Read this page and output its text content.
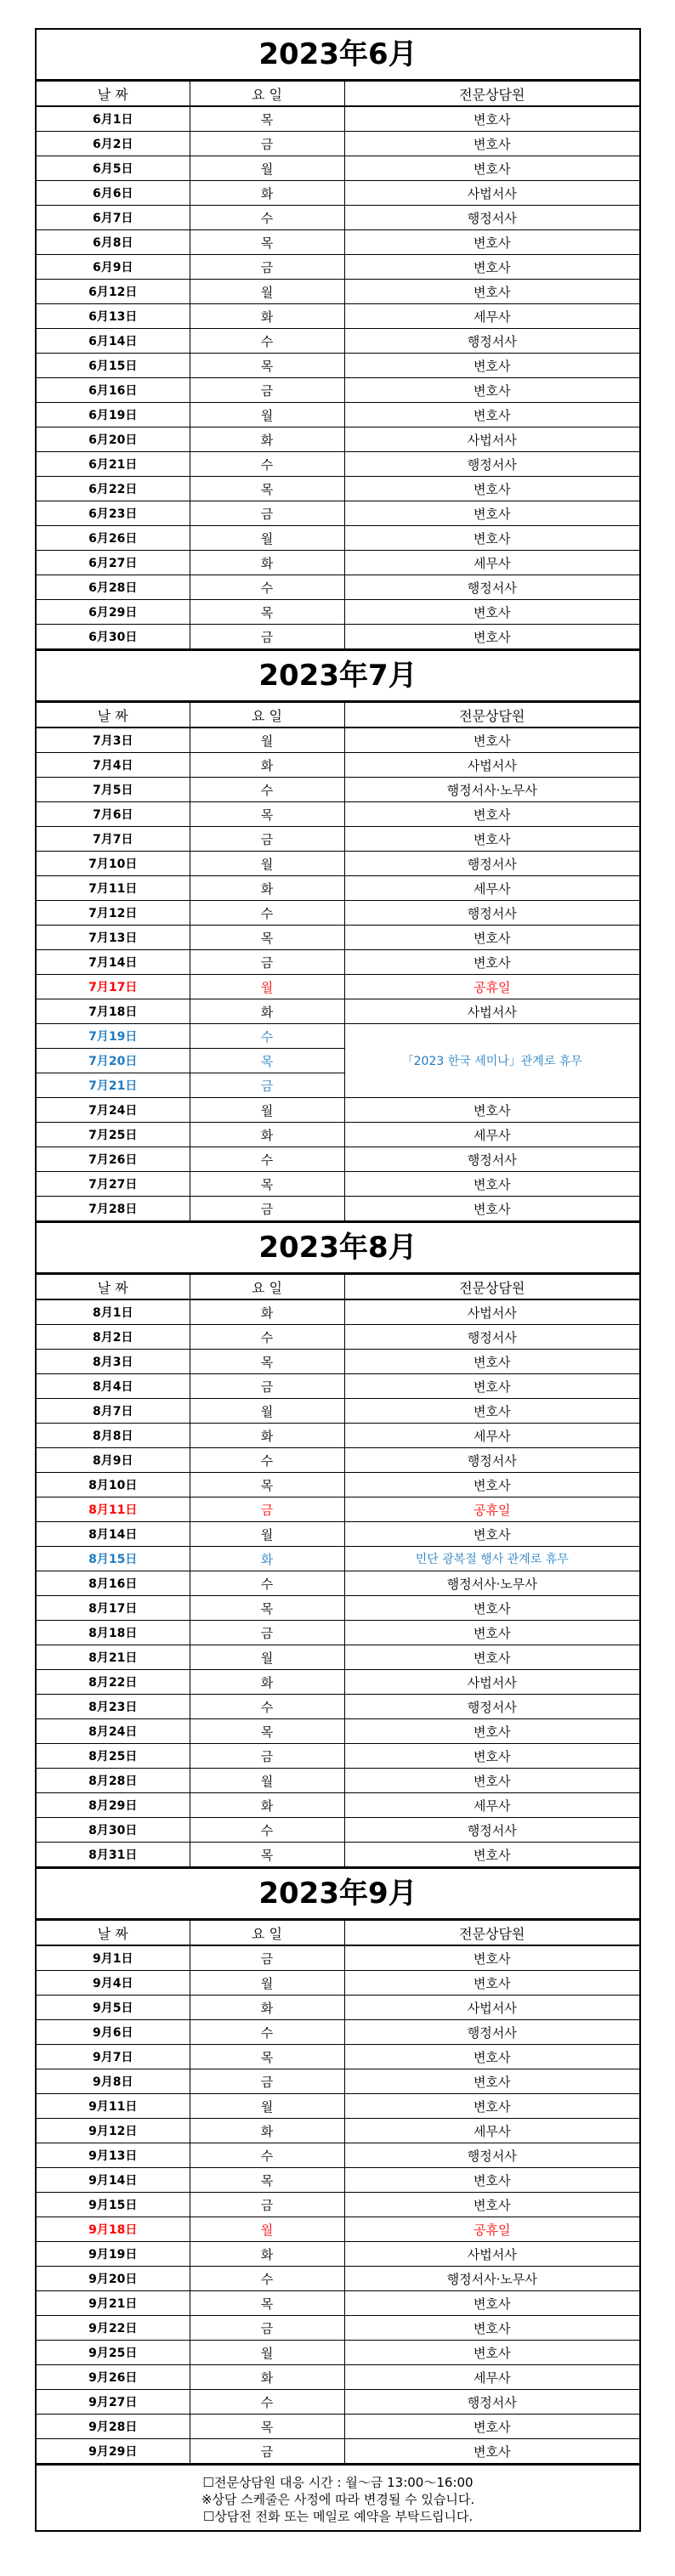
2023年6月
날 짜	요 일	전문상담원
6月1日	목	변호사
6月2日	금	변호사
6月5日	월	변호사
6月6日	화	사법서사
6月7日	수	행정서사
6月8日	목	변호사
6月9日	금	변호사
6月12日	월	변호사
6月13日	화	세무사
6月14日	수	행정서사
6月15日	목	변호사
6月16日	금	변호사
6月19日	월	변호사
6月20日	화	사법서사
6月21日	수	행정서사
6月22日	목	변호사
6月23日	금	변호사
6月26日	월	변호사
6月27日	화	세무사
6月28日	수	행정서사
6月29日	목	변호사
6月30日	금	변호사
2023年7月
날 짜	요 일	전문상담원
7月3日	월	변호사
7月4日	화	사법서사
7月5日	수	행정서사·노무사
7月6日	목	변호사
7月7日	금	변호사
7月10日	월	행정서사
7月11日	화	세무사
7月12日	수	행정서사
7月13日	목	변호사
7月14日	금	변호사
7月17日	월	공휴일
7月18日	화	사법서사
7月19日	수	「2023 한국 세미나」관계로 휴무
7月20日	목	
7月21日	금	
7月24日	월	변호사
7月25日	화	세무사
7月26日	수	행정서사
7月27日	목	변호사
7月28日	금	변호사
2023年8月
날 짜	요 일	전문상담원
8月1日	화	사법서사
8月2日	수	행정서사
8月3日	목	변호사
8月4日	금	변호사
8月7日	월	변호사
8月8日	화	세무사
8月9日	수	행정서사
8月10日	목	변호사
8月11日	금	공휴일
8月14日	월	변호사
8月15日	화	민단 광복절 행사 관계로 휴무
8月16日	수	행정서사·노무사
8月17日	목	변호사
8月18日	금	변호사
8月21日	월	변호사
8月22日	화	사법서사
8月23日	수	행정서사
8月24日	목	변호사
8月25日	금	변호사
8月28日	월	변호사
8月29日	화	세무사
8月30日	수	행정서사
8月31日	목	변호사
2023年9月
날 짜	요 일	전문상담원
9月1日	금	변호사
9月4日	월	변호사
9月5日	화	사법서사
9月6日	수	행정서사
9月7日	목	변호사
9月8日	금	변호사
9月11日	월	변호사
9月12日	화	세무사
9月13日	수	행정서사
9月14日	목	변호사
9月15日	금	변호사
9月18日	월	공휴일
9月19日	화	사법서사
9月20日	수	행정서사·노무사
9月21日	목	변호사
9月22日	금	변호사
9月25日	월	변호사
9月26日	화	세무사
9月27日	수	행정서사
9月28日	목	변호사
9月29日	금	변호사
☐전문상담원 대응 시간 : 월～금 13:00～16:00
※상담 스케줄은 사정에 따라 변경될 수 있습니다.
☐상담전 전화 또는 메일로 예약을 부탁드립니다.
